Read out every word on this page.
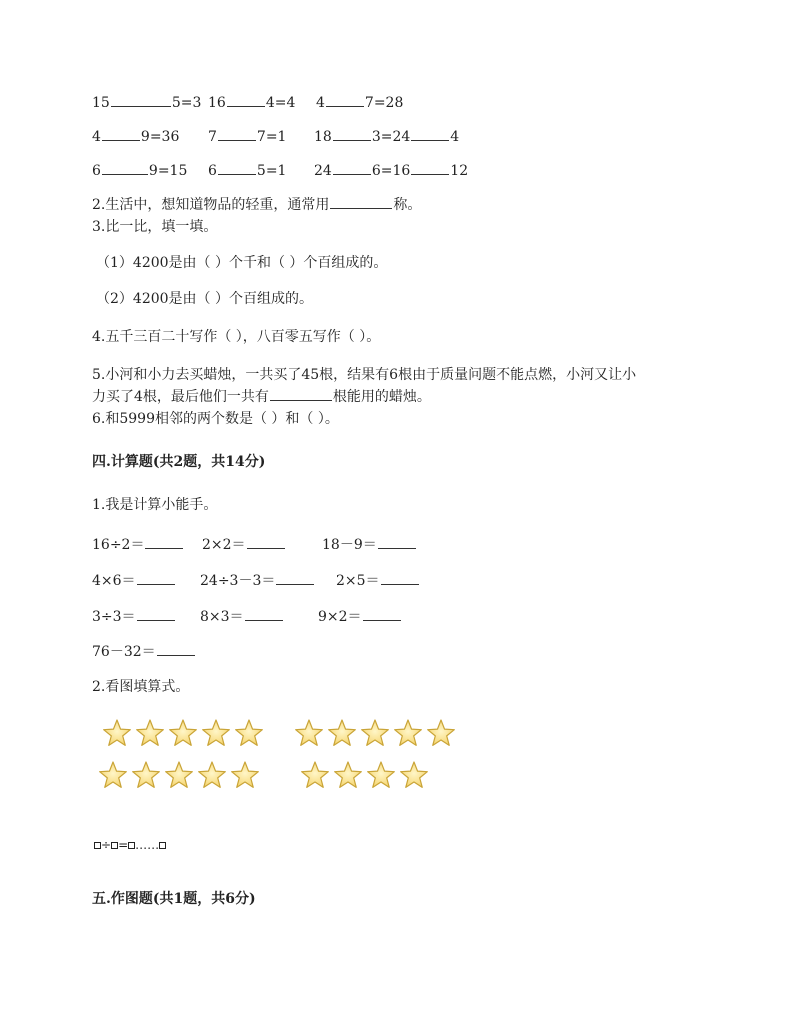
15	5=3 16	4=4 4	7=28
4	9=36 7	7=1 18	3=24	4
6	9=15 6	5=1 24	6=16	12
2.生活中，想知道物品的轻重，通常用	称。
3.比一比，填一填。
（1）4200是由（ ）个千和（ ）个百组成的。
（2）4200是由（ ）个百组成的。
4.五千三百二十写作（ ），八百零五写作（ ）。
5.小河和小力去买蜡烛，一共买了45根，结果有6根由于质量问题不能点燃，小河又让小
力买了4根，最后他们一共有	根能用的蜡烛。
6.和5999相邻的两个数是（ ）和（ ）。
四.计算题(共2题，共14分)
1.我是计算小能手。
16÷2＝	2×2＝	18－9＝
4×6＝	24÷3－3＝	2×5＝
3÷3＝	8×3＝	9×2＝
76－32＝
2.看图填算式。
÷ = ……
五.作图题(共1题，共6分)
